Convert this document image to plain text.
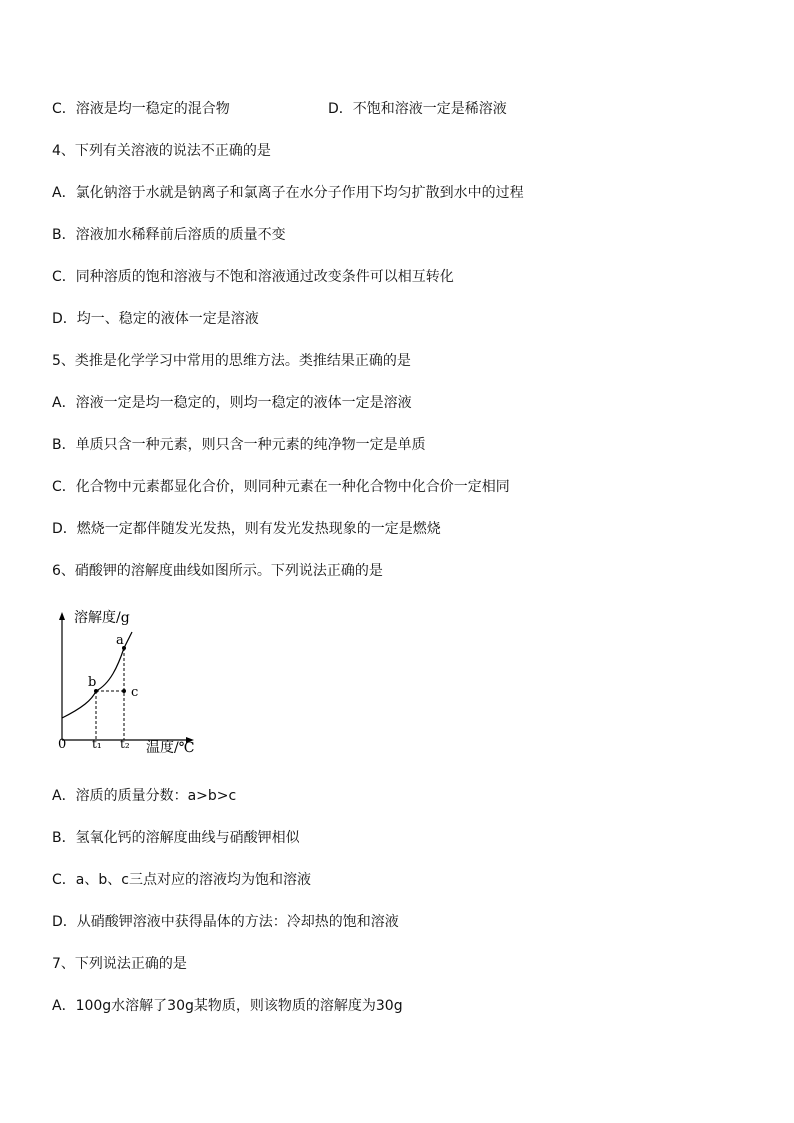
C．溶液是均一稳定的混合物	D．不饱和溶液一定是稀溶液
4、下列有关溶液的说法不正确的是
A．氯化钠溶于水就是钠离子和氯离子在水分子作用下均匀扩散到水中的过程
B．溶液加水稀释前后溶质的质量不变
C．同种溶质的饱和溶液与不饱和溶液通过改变条件可以相互转化
D．均一、稳定的液体一定是溶液
5、类推是化学学习中常用的思维方法。类推结果正确的是
A．溶液一定是均一稳定的，则均一稳定的液体一定是溶液
B．单质只含一种元素，则只含一种元素的纯净物一定是单质
C．化合物中元素都显化合价，则同种元素在一种化合物中化合价一定相同
D．燃烧一定都伴随发光发热，则有发光发热现象的一定是燃烧
6、硝酸钾的溶解度曲线如图所示。下列说法正确的是
溶解度/g
温度/℃
0 t₁ t₂
a
b
c
A．溶质的质量分数：a>b>c
B．氢氧化钙的溶解度曲线与硝酸钾相似
C．a、b、c三点对应的溶液均为饱和溶液
D．从硝酸钾溶液中获得晶体的方法：冷却热的饱和溶液
7、下列说法正确的是
A．100g水溶解了30g某物质，则该物质的溶解度为30g
